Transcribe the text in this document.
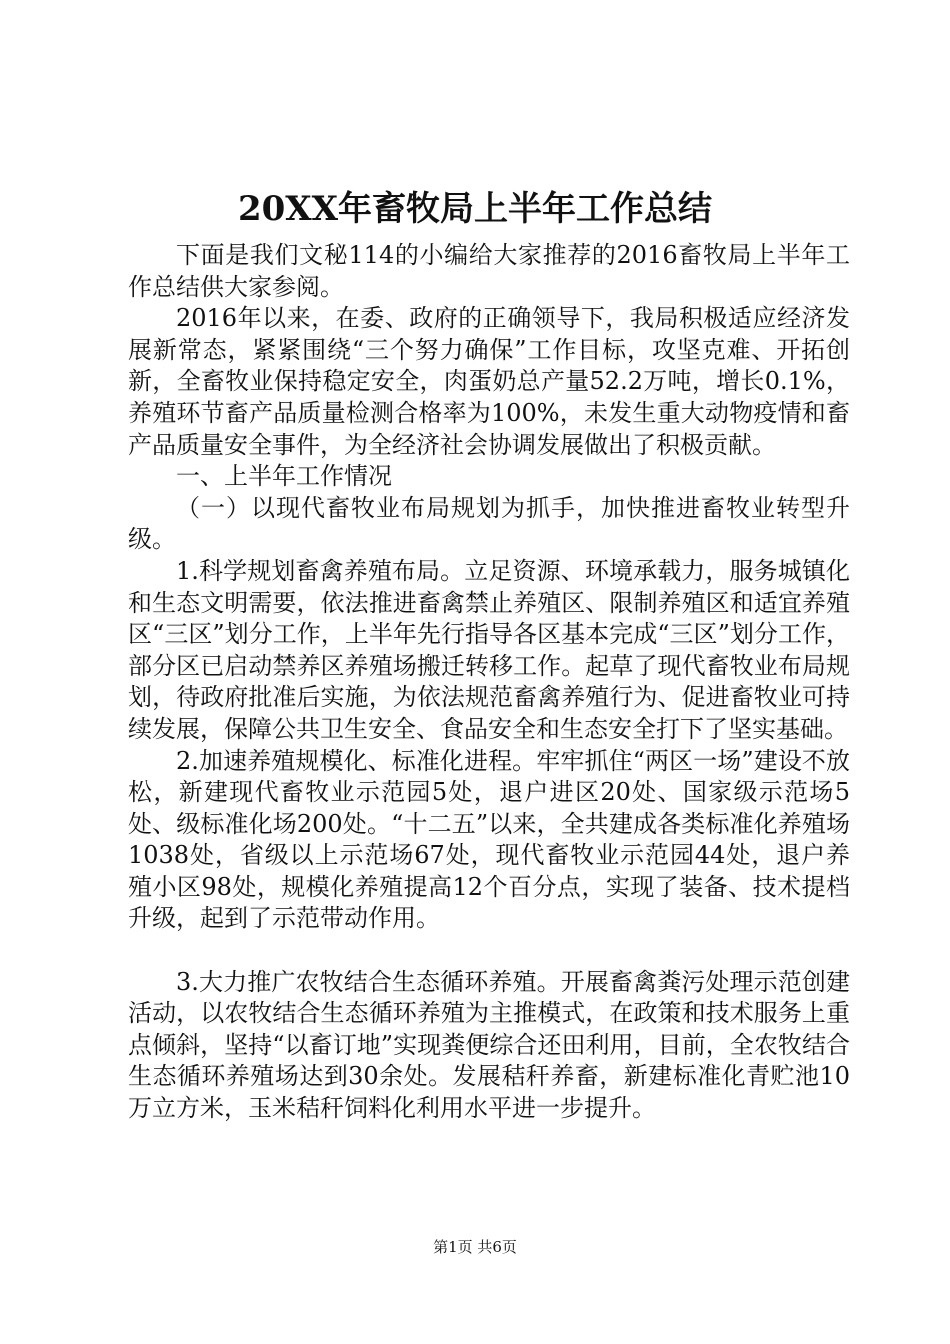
20XX年畜牧局上半年工作总结

下面是我们文秘114的小编给大家推荐的2016畜牧局上半年工作总结供大家参阅。

2016年以来，在委、政府的正确领导下，我局积极适应经济发展新常态，紧紧围绕“三个努力确保”工作目标，攻坚克难、开拓创新，全畜牧业保持稳定安全，肉蛋奶总产量52.2万吨，增长0.1%，养殖环节畜产品质量检测合格率为100%，未发生重大动物疫情和畜产品质量安全事件，为全经济社会协调发展做出了积极贡献。

一、上半年工作情况

（一）以现代畜牧业布局规划为抓手，加快推进畜牧业转型升级。

1.科学规划畜禽养殖布局。立足资源、环境承载力，服务城镇化和生态文明需要，依法推进畜禽禁止养殖区、限制养殖区和适宜养殖区“三区”划分工作，上半年先行指导各区基本完成“三区”划分工作，部分区已启动禁养区养殖场搬迁转移工作。起草了现代畜牧业布局规划，待政府批准后实施，为依法规范畜禽养殖行为、促进畜牧业可持续发展，保障公共卫生安全、食品安全和生态安全打下了坚实基础。

2.加速养殖规模化、标准化进程。牢牢抓住“两区一场”建设不放松，新建现代畜牧业示范园5处，退户进区20处、国家级示范场5处、级标准化场200处。“十二五”以来，全共建成各类标准化养殖场1038处，省级以上示范场67处，现代畜牧业示范园44处，退户养殖小区98处，规模化养殖提高12个百分点，实现了装备、技术提档升级，起到了示范带动作用。

3.大力推广农牧结合生态循环养殖。开展畜禽粪污处理示范创建活动，以农牧结合生态循环养殖为主推模式，在政策和技术服务上重点倾斜，坚持“以畜订地”实现粪便综合还田利用，目前，全农牧结合生态循环养殖场达到30余处。发展秸秆养畜，新建标准化青贮池10万立方米，玉米秸秆饲料化利用水平进一步提升。

第1页 共6页
